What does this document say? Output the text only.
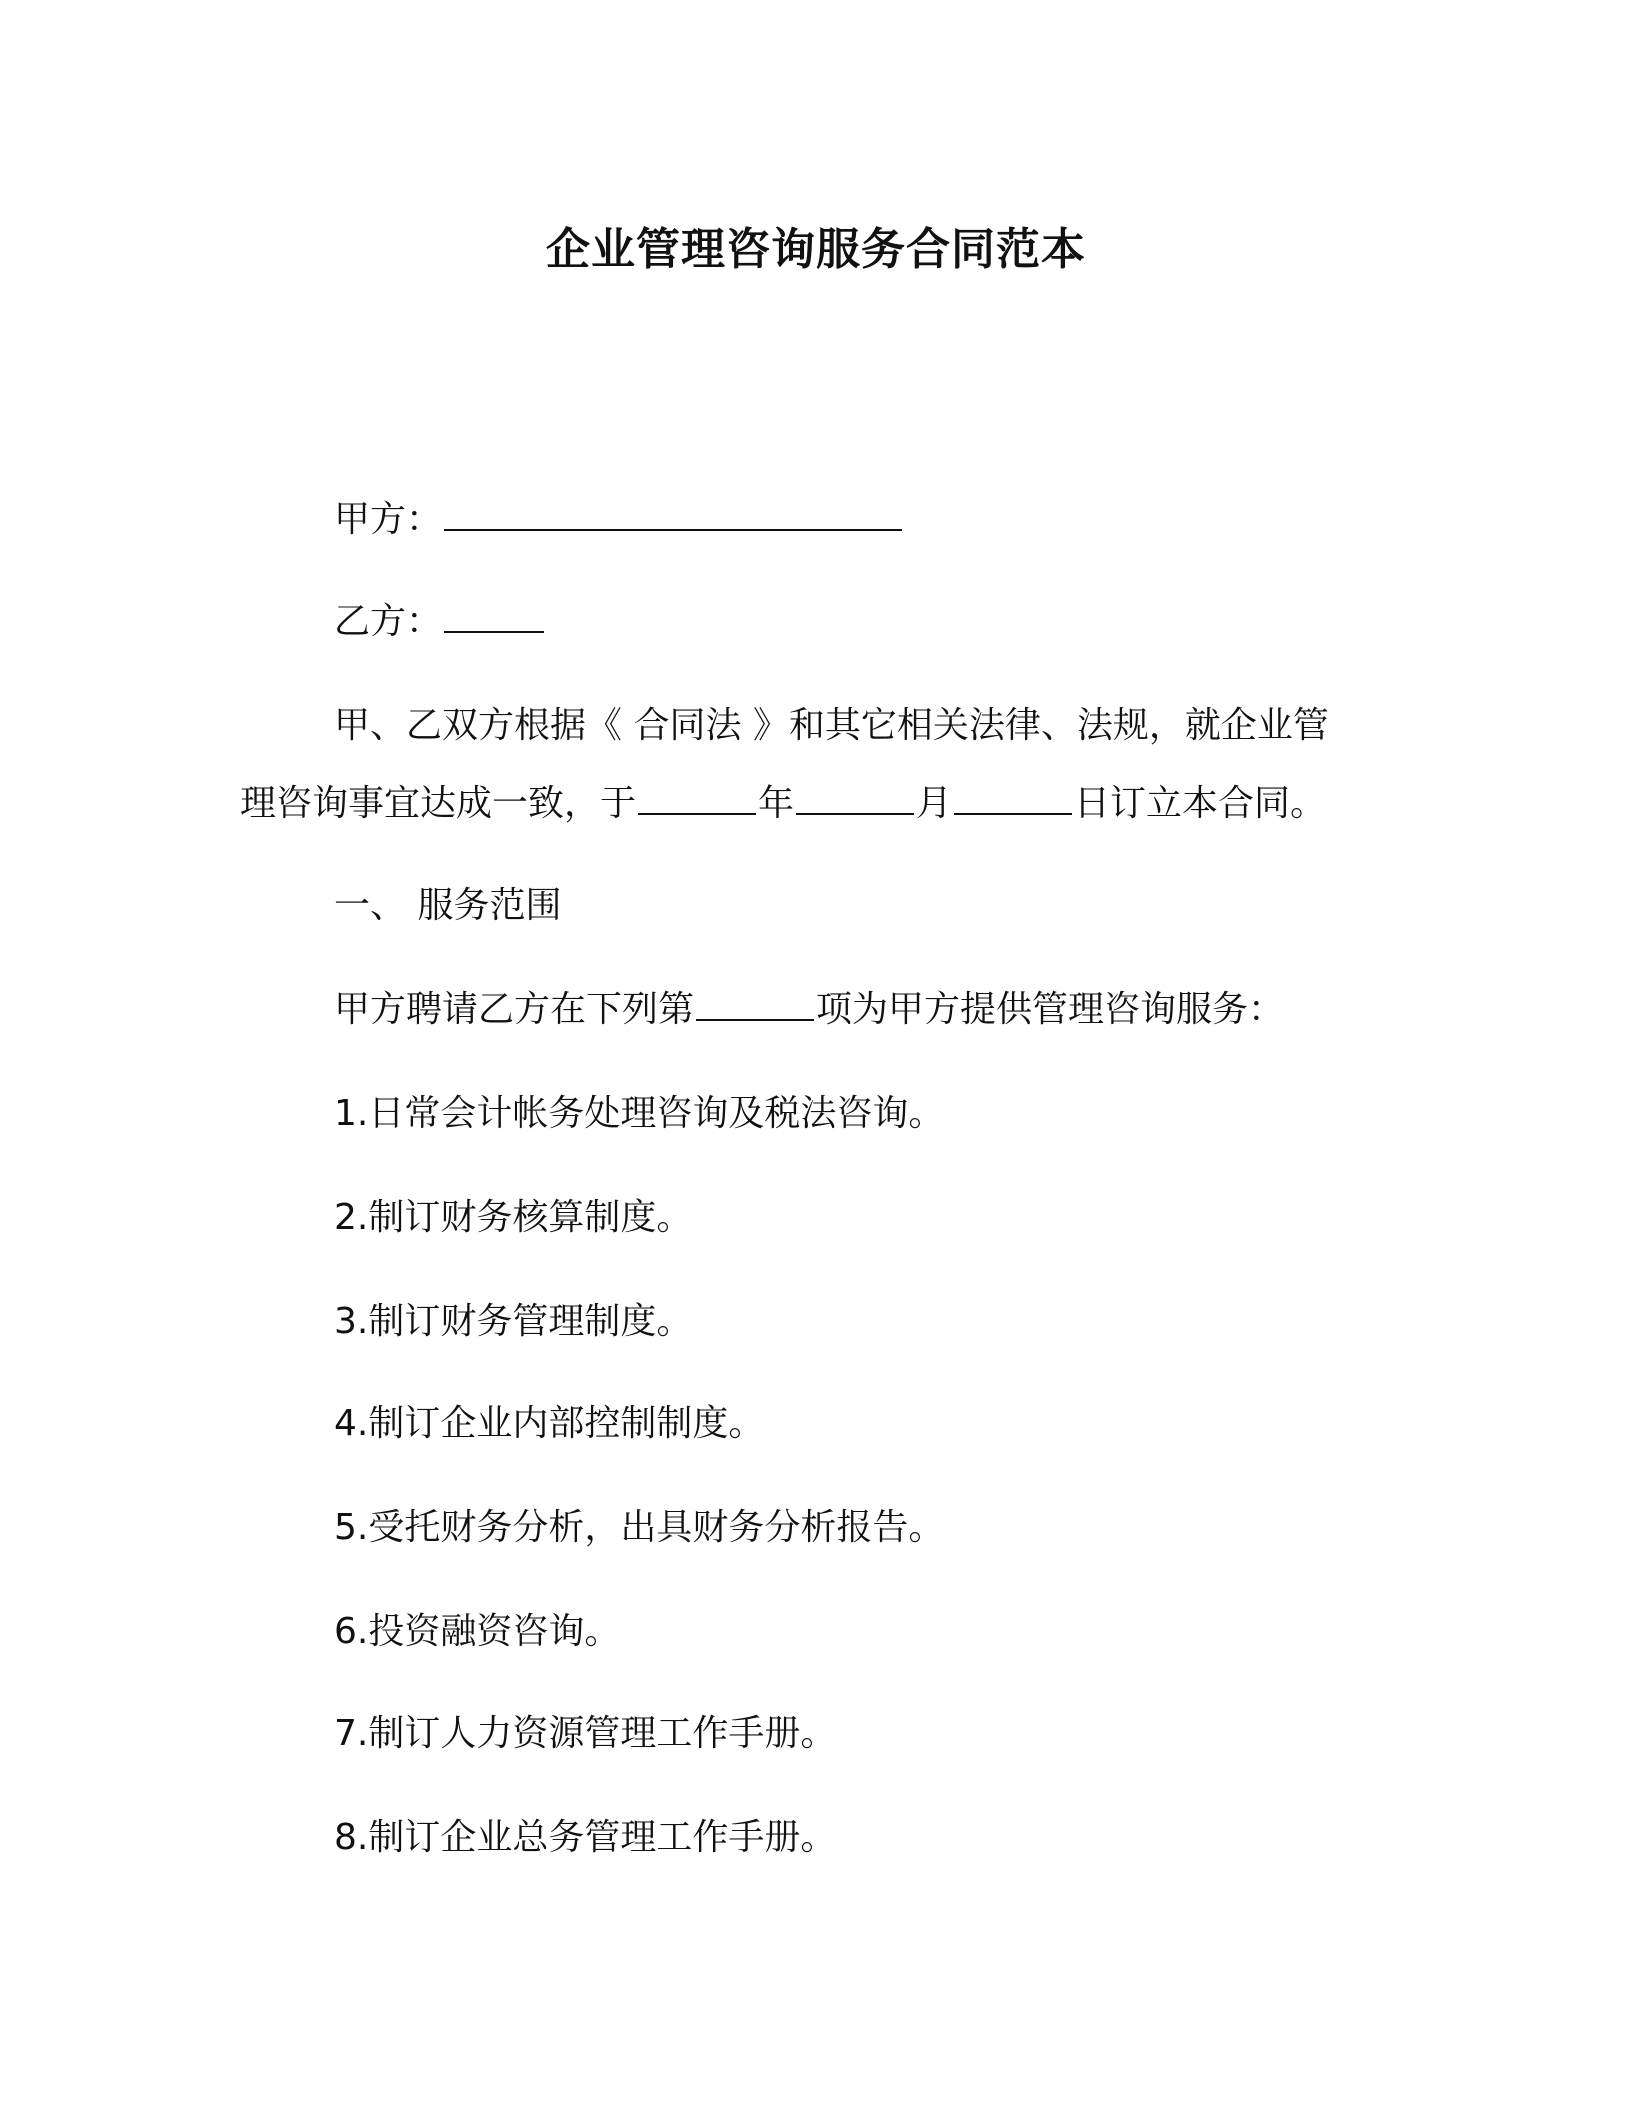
企业管理咨询服务合同范本
甲方：
乙方：
甲、乙双方根据《 合同法 》和其它相关法律、法规，就企业管
理咨询事宜达成一致，于	年	月	日订立本合同。
一、 服务范围
甲方聘请乙方在下列第	项为甲方提供管理咨询服务：
1.日常会计帐务处理咨询及税法咨询。
2.制订财务核算制度。
3.制订财务管理制度。
4.制订企业内部控制制度。
5.受托财务分析，出具财务分析报告。
6.投资融资咨询。
7.制订人力资源管理工作手册。
8.制订企业总务管理工作手册。
